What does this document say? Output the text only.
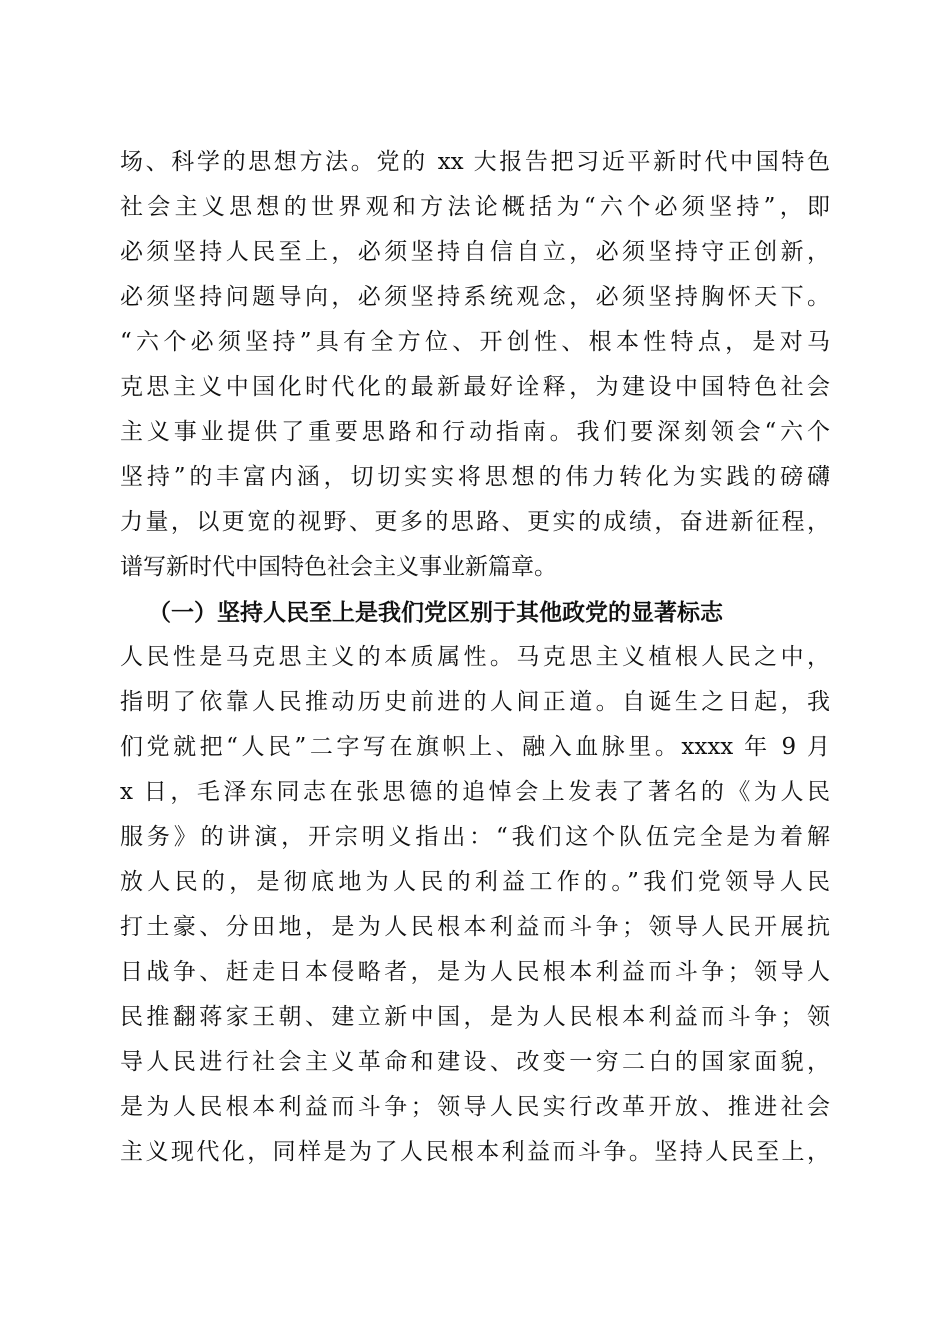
场、科学的思想方法。党的 xx 大报告把习近平新时代中国特色
社会主义思想的世界观和方法论概括为“六个必须坚持”，即
必须坚持人民至上，必须坚持自信自立，必须坚持守正创新，
必须坚持问题导向，必须坚持系统观念，必须坚持胸怀天下。
“六个必须坚持”具有全方位、开创性、根本性特点，是对马
克思主义中国化时代化的最新最好诠释，为建设中国特色社会
主义事业提供了重要思路和行动指南。我们要深刻领会“六个
坚持”的丰富内涵，切切实实将思想的伟力转化为实践的磅礴
力量，以更宽的视野、更多的思路、更实的成绩，奋进新征程，
谱写新时代中国特色社会主义事业新篇章。
（一）坚持人民至上是我们党区别于其他政党的显著标志
人民性是马克思主义的本质属性。马克思主义植根人民之中，
指明了依靠人民推动历史前进的人间正道。自诞生之日起，我
们党就把“人民”二字写在旗帜上、融入血脉里。xxxx 年 9 月
x 日，毛泽东同志在张思德的追悼会上发表了著名的《为人民
服务》的讲演，开宗明义指出：“我们这个队伍完全是为着解
放人民的，是彻底地为人民的利益工作的。”我们党领导人民
打土豪、分田地，是为人民根本利益而斗争；领导人民开展抗
日战争、赶走日本侵略者，是为人民根本利益而斗争；领导人
民推翻蒋家王朝、建立新中国，是为人民根本利益而斗争；领
导人民进行社会主义革命和建设、改变一穷二白的国家面貌，
是为人民根本利益而斗争；领导人民实行改革开放、推进社会
主义现代化，同样是为了人民根本利益而斗争。坚持人民至上，
